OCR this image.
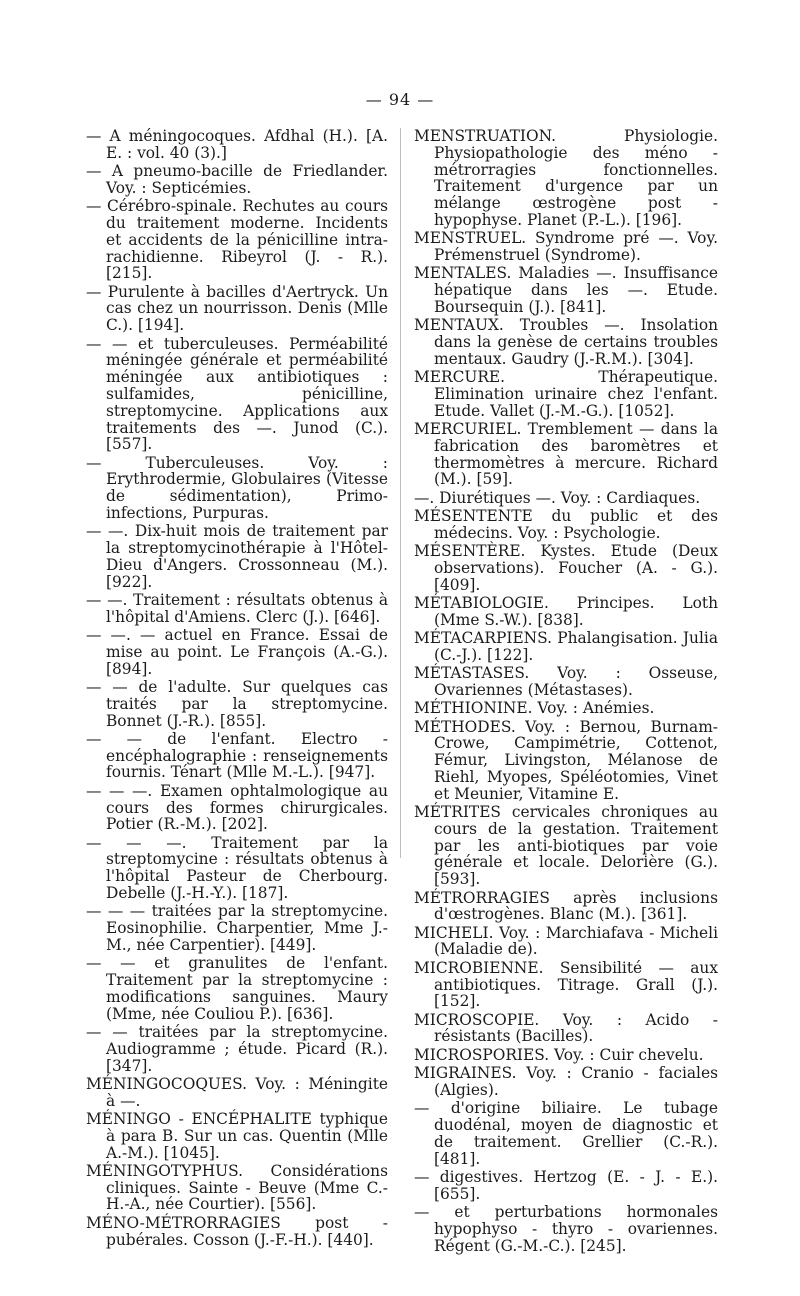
— 94 —

— A méningocoques. Afdhal (H.). [A. E. : vol. 40 (3).]

— A pneumo-bacille de Friedlander. Voy. : Septicémies.

— Cérébro-spinale. Rechutes au cours du traitement moderne. Incidents et accidents de la pénicilline intra-rachidienne. Ribeyrol (J. - R.). [215].

— Purulente à bacilles d'Aertryck. Un cas chez un nourrisson. Denis (Mlle C.). [194].

— — et tuberculeuses. Perméabilité méningée générale et perméabilité méningée aux antibiotiques : sulfamides, pénicilline, streptomycine. Applications aux traitements des —. Junod (C.). [557].

— Tuberculeuses. Voy. : Erythrodermie, Globulaires (Vitesse de sédimentation), Primo-infections, Purpuras.

— —. Dix-huit mois de traitement par la streptomycinothérapie à l'Hôtel-Dieu d'Angers. Crossonneau (M.). [922].

— —. Traitement : résultats obtenus à l'hôpital d'Amiens. Clerc (J.). [646].

— —. — actuel en France. Essai de mise au point. Le François (A.-G.). [894].

— — de l'adulte. Sur quelques cas traités par la streptomycine. Bonnet (J.-R.). [855].

— — de l'enfant. Electro - encéphalographie : renseignements fournis. Ténart (Mlle M.-L.). [947].

— — —. Examen ophtalmologique au cours des formes chirurgicales. Potier (R.-M.). [202].

— — —. Traitement par la streptomycine : résultats obtenus à l'hôpital Pasteur de Cherbourg. Debelle (J.-H.-Y.). [187].

— — — traitées par la streptomycine. Eosinophilie. Charpentier, Mme J.-M., née Carpentier). [449].

— — et granulites de l'enfant. Traitement par la streptomycine : modifications sanguines. Maury (Mme, née Couliou P.). [636].

— — traitées par la streptomycine. Audiogramme ; étude. Picard (R.). [347].

MÉNINGOCOQUES. Voy. : Méningite à —.

MÉNINGO - ENCÉPHALITE typhique à para B. Sur un cas. Quentin (Mlle A.-M.). [1045].

MÉNINGOTYPHUS. Considérations cliniques. Sainte - Beuve (Mme C.-H.-A., née Courtier). [556].

MÉNO-MÉTRORRAGIES post - pubérales. Cosson (J.-F.-H.). [440].

MENSTRUATION. Physiologie. Physiopathologie des méno - métrorragies fonctionnelles. Traitement d'urgence par un mélange œstrogène post - hypophyse. Planet (P.-L.). [196].

MENSTRUEL. Syndrome pré —. Voy. Prémenstruel (Syndrome).

MENTALES. Maladies —. Insuffisance hépatique dans les —. Etude. Boursequin (J.). [841].

MENTAUX. Troubles —. Insolation dans la genèse de certains troubles mentaux. Gaudry (J.-R.M.). [304].

MERCURE. Thérapeutique. Elimination urinaire chez l'enfant. Etude. Vallet (J.-M.-G.). [1052].

MERCURIEL. Tremblement — dans la fabrication des baromètres et thermomètres à mercure. Richard (M.). [59].

—. Diurétiques —. Voy. : Cardiaques.

MÉSENTENTE du public et des médecins. Voy. : Psychologie.

MÉSENTÈRE. Kystes. Etude (Deux observations). Foucher (A. - G.). [409].

MÉTABIOLOGIE. Principes. Loth (Mme S.-W.). [838].

MÉTACARPIENS. Phalangisation. Julia (C.-J.). [122].

MÉTASTASES. Voy. : Osseuse, Ovariennes (Métastases).

MÉTHIONINE. Voy. : Anémies.

MÉTHODES. Voy. : Bernou, Burnam-Crowe, Campimétrie, Cottenot, Fémur, Livingston, Mélanose de Riehl, Myopes, Spéléotomies, Vinet et Meunier, Vitamine E.

MÉTRITES cervicales chroniques au cours de la gestation. Traitement par les anti-biotiques par voie générale et locale. Delorière (G.). [593].

MÉTRORRAGIES après inclusions d'œstrogènes. Blanc (M.). [361].

MICHELI. Voy. : Marchiafava - Micheli (Maladie de).

MICROBIENNE. Sensibilité — aux antibiotiques. Titrage. Grall (J.). [152].

MICROSCOPIE. Voy. : Acido - résistants (Bacilles).

MICROSPORIES. Voy. : Cuir chevelu.

MIGRAINES. Voy. : Cranio - faciales (Algies).

— d'origine biliaire. Le tubage duodénal, moyen de diagnostic et de traitement. Grellier (C.-R.). [481].

— digestives. Hertzog (E. - J. - E.). [655].

— et perturbations hormonales hypophyso - thyro - ovariennes. Régent (G.-M.-C.). [245].
